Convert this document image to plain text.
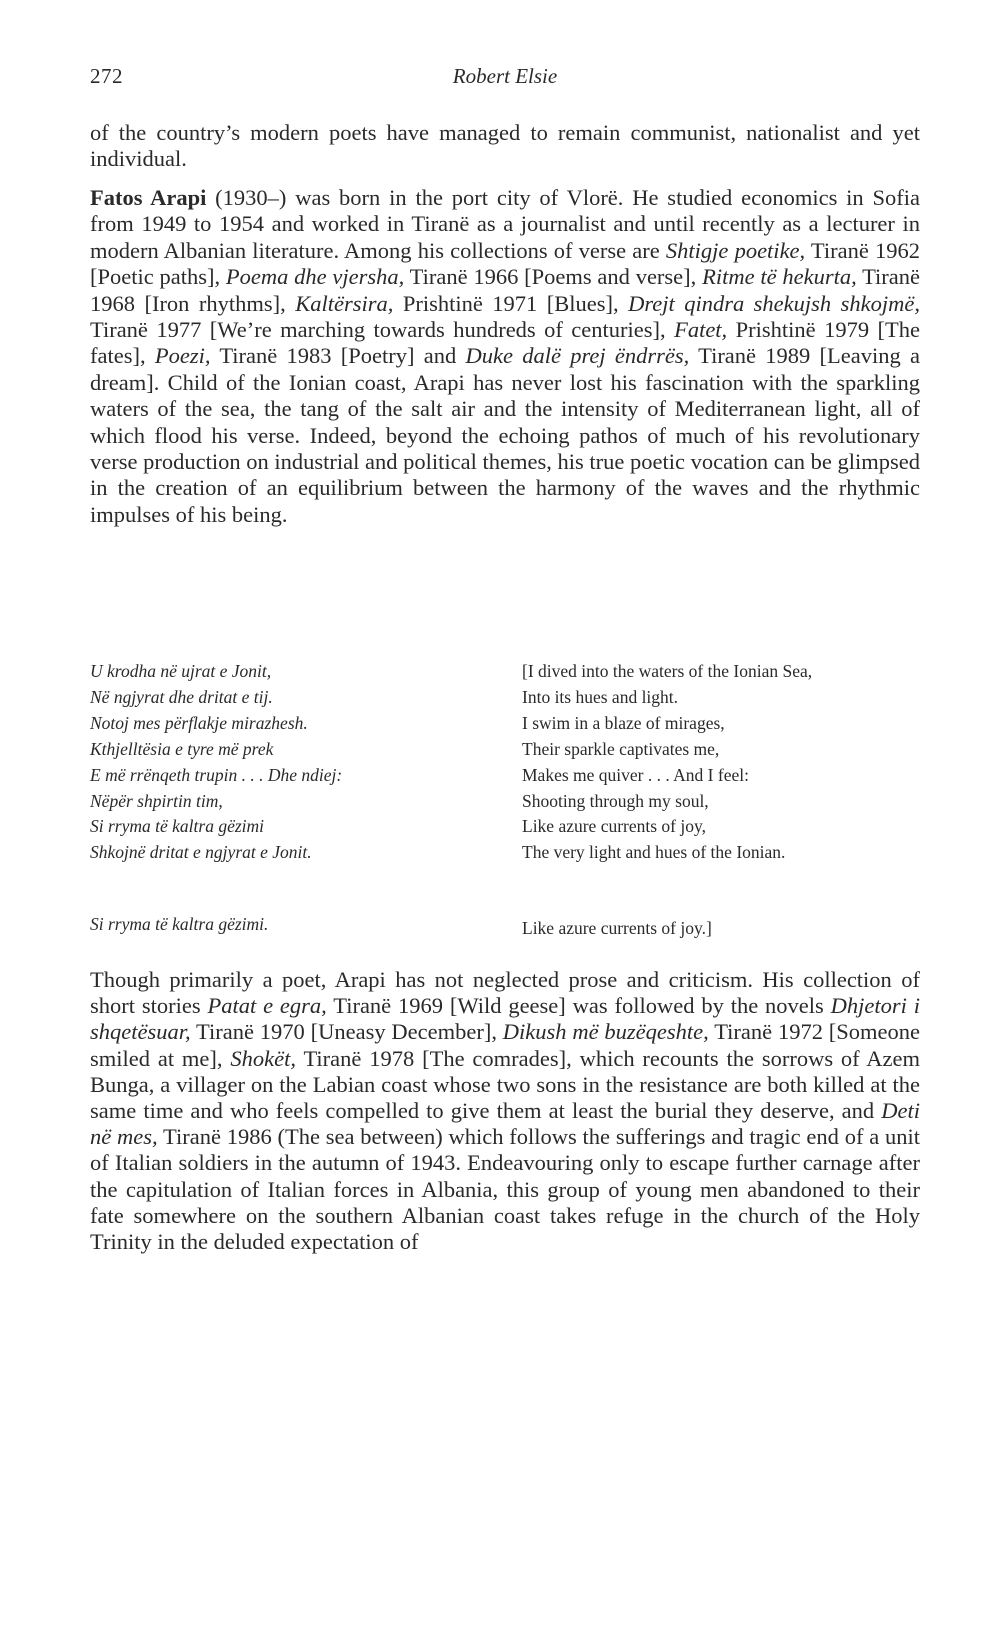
272	Robert Elsie

of the country’s modern poets have managed to remain communist, nationalist and yet individual.

Fatos Arapi (1930–) was born in the port city of Vlorë. He studied economics in Sofia from 1949 to 1954 and worked in Tiranë as a journalist and until recently as a lecturer in modern Albanian literature. Among his collections of verse are Shtigje poetike, Tiranë 1962 [Poetic paths], Poema dhe vjersha, Tiranë 1966 [Poems and verse], Ritme të hekurta, Tiranë 1968 [Iron rhythms], Kaltërsira, Prishtinë 1971 [Blues], Drejt qindra shekujsh shkojmë, Tiranë 1977 [We’re marching towards hundreds of centuries], Fatet, Prishtinë 1979 [The fates], Poezi, Tiranë 1983 [Poetry] and Duke dalë prej ëndrrës, Tiranë 1989 [Leaving a dream]. Child of the Ionian coast, Arapi has never lost his fascination with the sparkling waters of the sea, the tang of the salt air and the intensity of Mediterranean light, all of which flood his verse. Indeed, beyond the echoing pathos of much of his revolutionary verse production on industrial and political themes, his true poetic vocation can be glimpsed in the creation of an equilibrium between the harmony of the waves and the rhythmic impulses of his being.

U krodha në ujrat e Jonit,
Në ngjyrat dhe dritat e tij.
Notoj mes përflakje mirazhesh.
Kthjelltësia e tyre më prek
E më rrënqeth trupin . . . Dhe ndiej:
Nëpër shpirtin tim,
Si rryma të kaltra gëzimi
Shkojnë dritat e ngjyrat e Jonit.
Si rryma të kaltra gëzimi.
[I dived into the waters of the Ionian Sea,
Into its hues and light.
I swim in a blaze of mirages,
Their sparkle captivates me,
Makes me quiver . . . And I feel:
Shooting through my soul,
Like azure currents of joy,
The very light and hues of the Ionian.
Like azure currents of joy.]

Though primarily a poet, Arapi has not neglected prose and criticism. His collection of short stories Patat e egra, Tiranë 1969 [Wild geese] was followed by the novels Dhjetori i shqetësuar, Tiranë 1970 [Uneasy December], Dikush më buzëqeshte, Tiranë 1972 [Someone smiled at me], Shokët, Tiranë 1978 [The comrades], which recounts the sorrows of Azem Bunga, a villager on the Labian coast whose two sons in the resistance are both killed at the same time and who feels compelled to give them at least the burial they deserve, and Deti në mes, Tiranë 1986 (The sea between) which follows the sufferings and tragic end of a unit of Italian soldiers in the autumn of 1943. Endeavouring only to escape further carnage after the capitulation of Italian forces in Albania, this group of young men abandoned to their fate somewhere on the southern Albanian coast takes refuge in the church of the Holy Trinity in the deluded expectation of
